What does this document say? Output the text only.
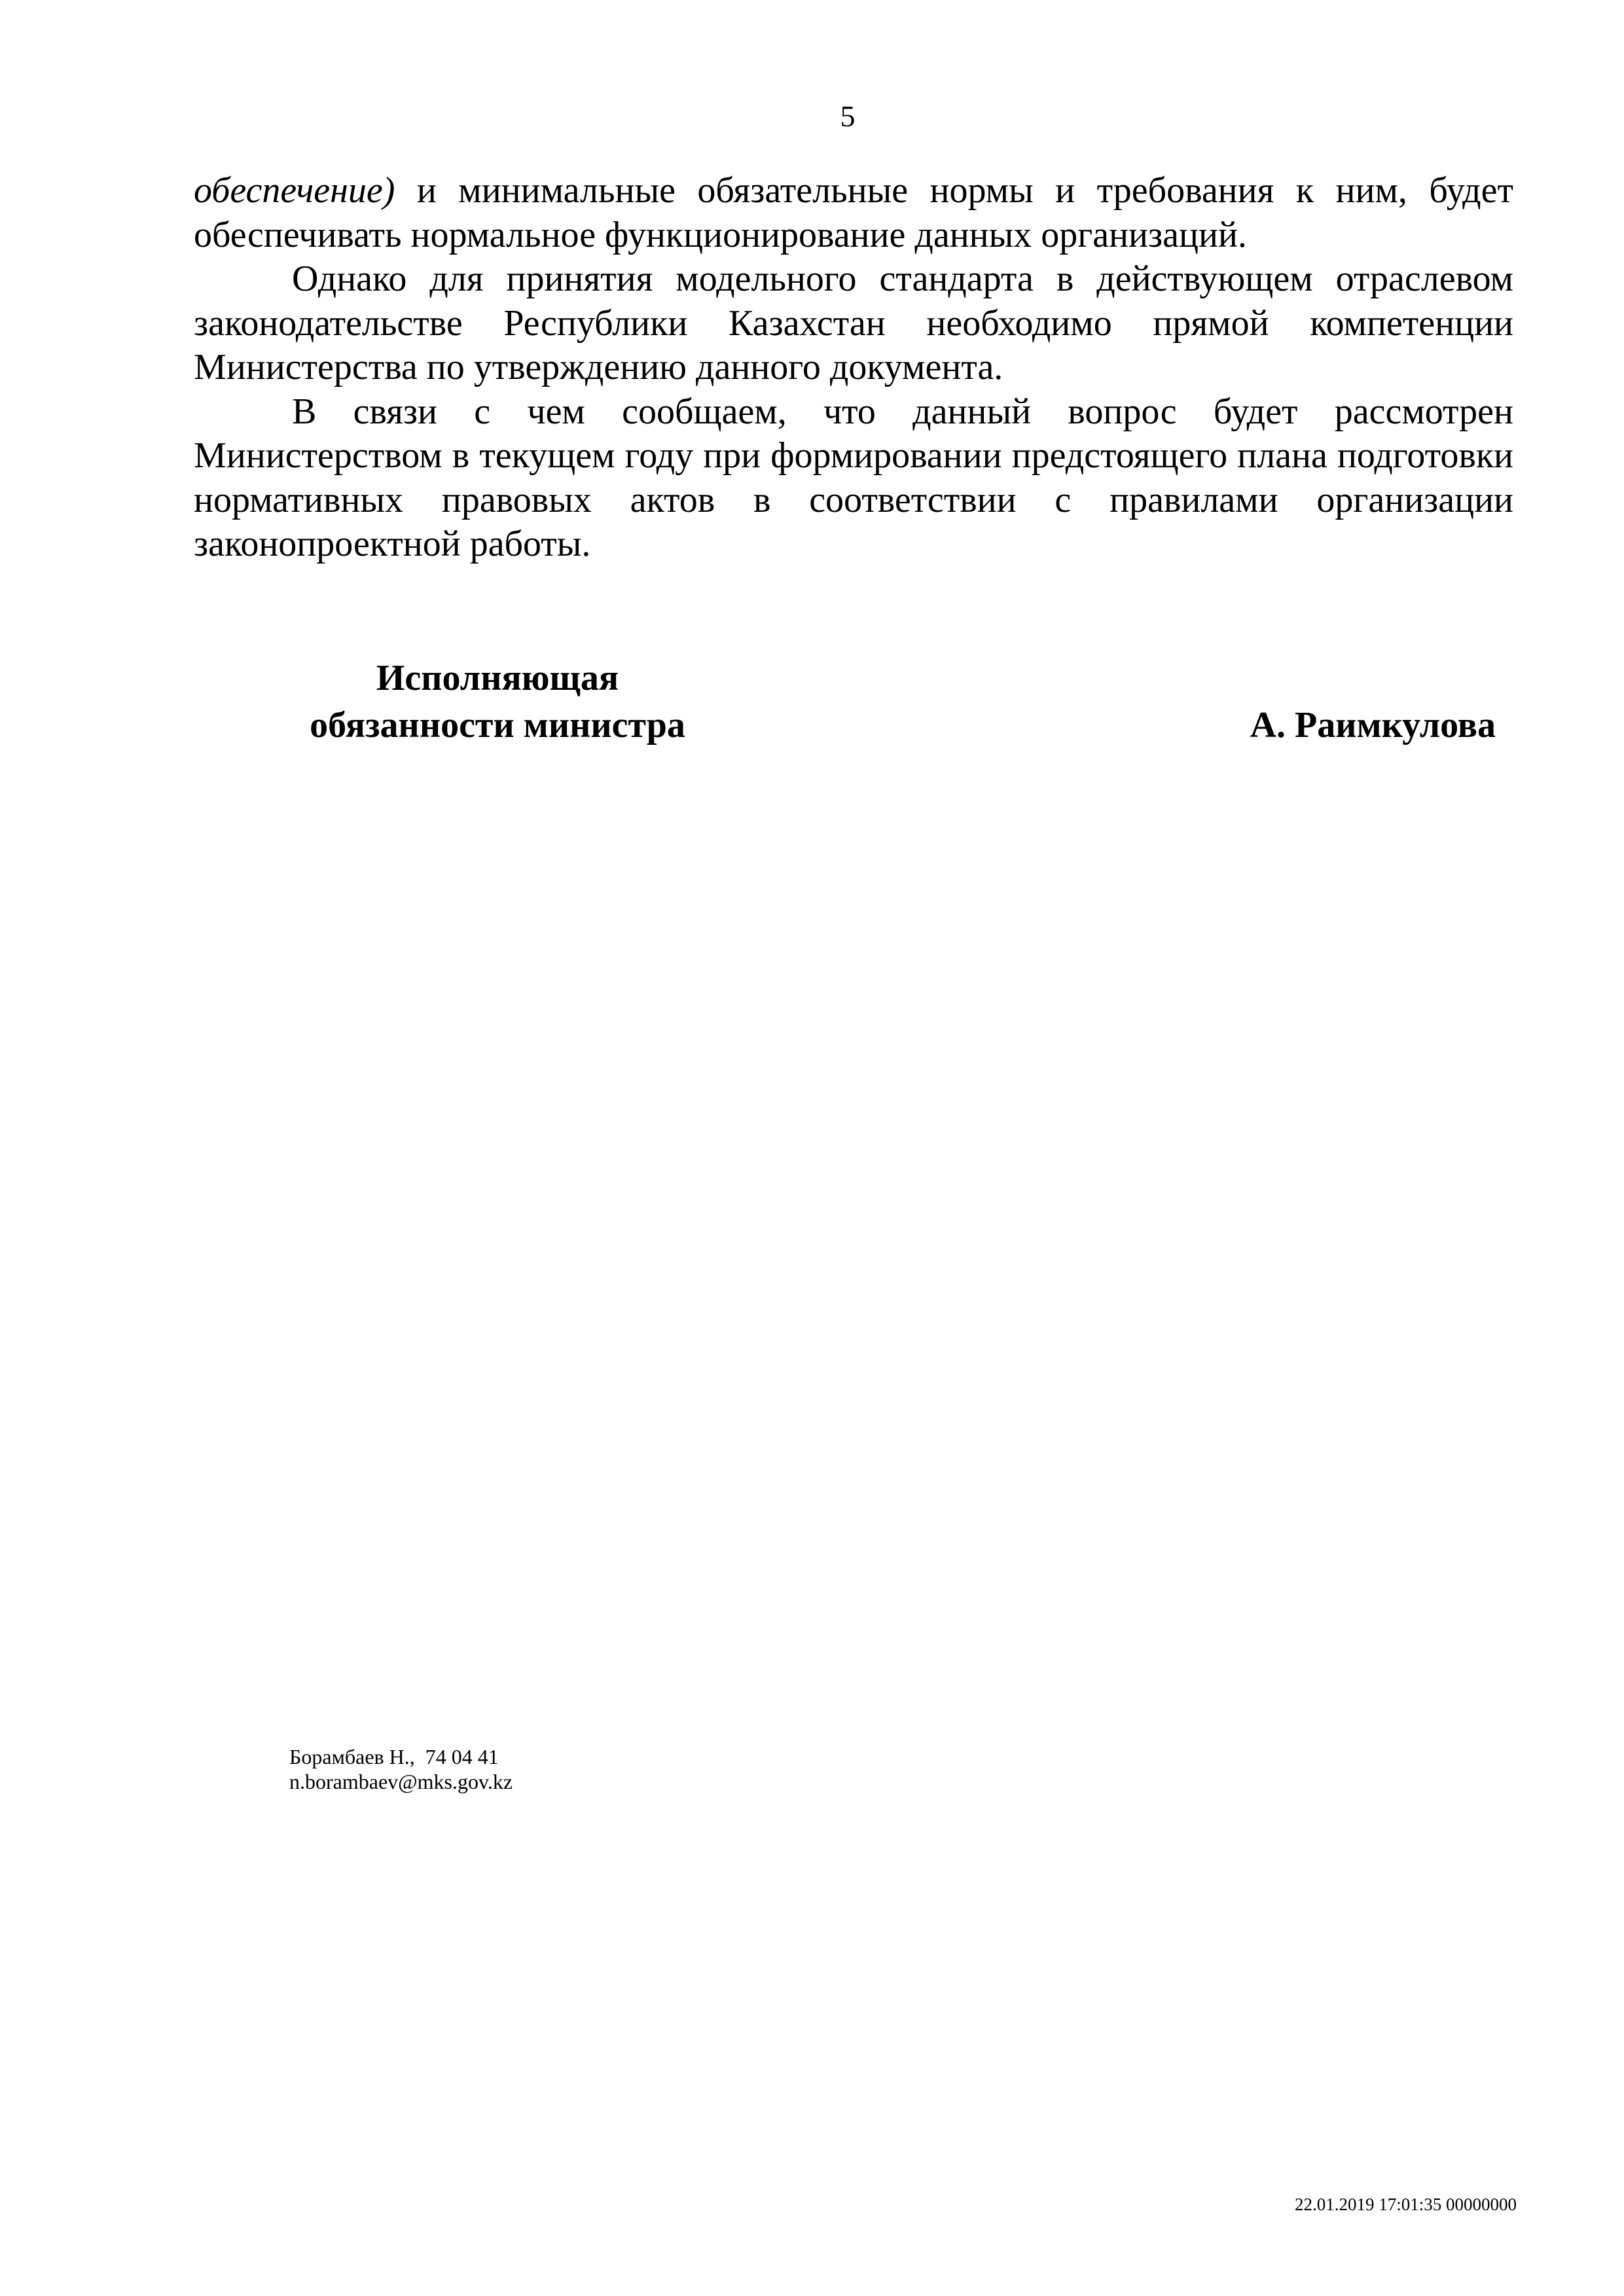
5

обеспечение) и минимальные обязательные нормы и требования к ним, будет обеспечивать нормальное функционирование данных организаций.

Однако для принятия модельного стандарта в действующем отраслевом законодательстве Республики Казахстан необходимо прямой компетенции Министерства по утверждению данного документа.

В связи с чем сообщаем, что данный вопрос будет рассмотрен Министерством в текущем году при формировании предстоящего плана подготовки нормативных правовых актов в соответствии с правилами организации законопроектной работы.

Исполняющая
обязанности министра	А. Раимкулова
Борамбаев Н.,  74 04 41
n.borambaev@mks.gov.kz
22.01.2019 17:01:35 00000000
